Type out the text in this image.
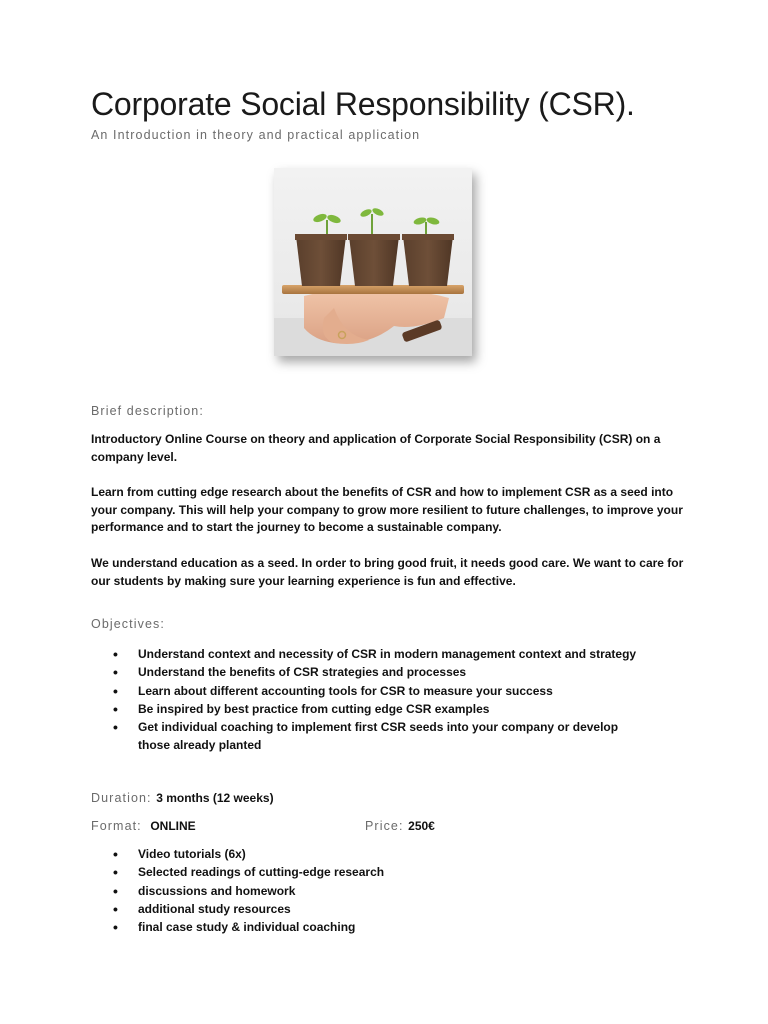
Corporate Social Responsibility (CSR).

An Introduction in theory and practical application

Brief description:

Introductory Online Course on theory and application of Corporate Social Responsibility (CSR) on a company level.

Learn from cutting edge research about the benefits of CSR and how to implement CSR as a seed into your company. This will help your company to grow more resilient to future challenges, to improve your performance and to start the journey to become a sustainable company.

We understand education as a seed. In order to bring good fruit, it needs good care. We want to care for our students by making sure your learning experience is fun and effective.

Objectives:
• Understand context and necessity of CSR in modern management context and strategy
• Understand the benefits of CSR strategies and processes
• Learn about different accounting tools for CSR to measure your success
• Be inspired by best practice from cutting edge CSR examples
• Get individual coaching to implement first CSR seeds into your company or develop those already planted
Duration: 3 months (12 weeks)
Format: ONLINE	Price: 250€
• Video tutorials (6x)
• Selected readings of cutting-edge research
• discussions and homework
• additional study resources
• final case study & individual coaching
